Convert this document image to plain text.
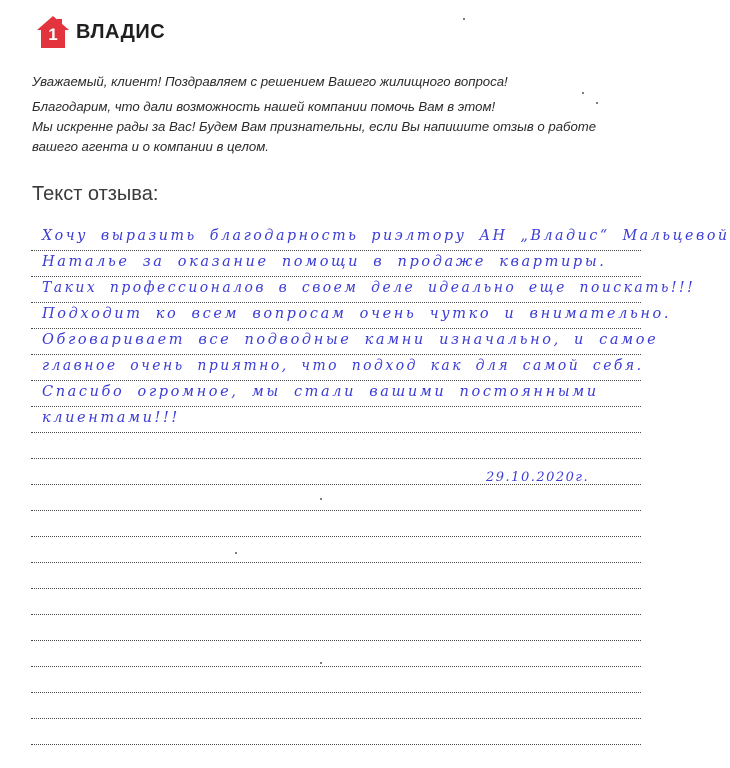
1 ВЛАДИС
Уважаемый, клиент! Поздравляем с решением Вашего жилищного вопроса!
Благодарим, что дали возможность нашей компании помочь Вам в этом!
Мы искренне рады за Вас! Будем Вам признательны, если Вы напишите отзыв о работе
вашего агента и о компании в целом.
Текст отзыва:
Хочу выразить благодарность риэлтору АН „Владис“ Мальцевой
Наталье за оказание помощи в продаже квартиры.
Таких профессионалов в своем деле идеально еще поискать!!!
Подходит ко всем вопросам очень чутко и внимательно.
Обговаривает все подводные камни изначально, и самое
главное очень приятно, что подход как для самой себя.
Спасибо огромное, мы стали вашими постоянными
клиентами!!!
29.10.2020г.
